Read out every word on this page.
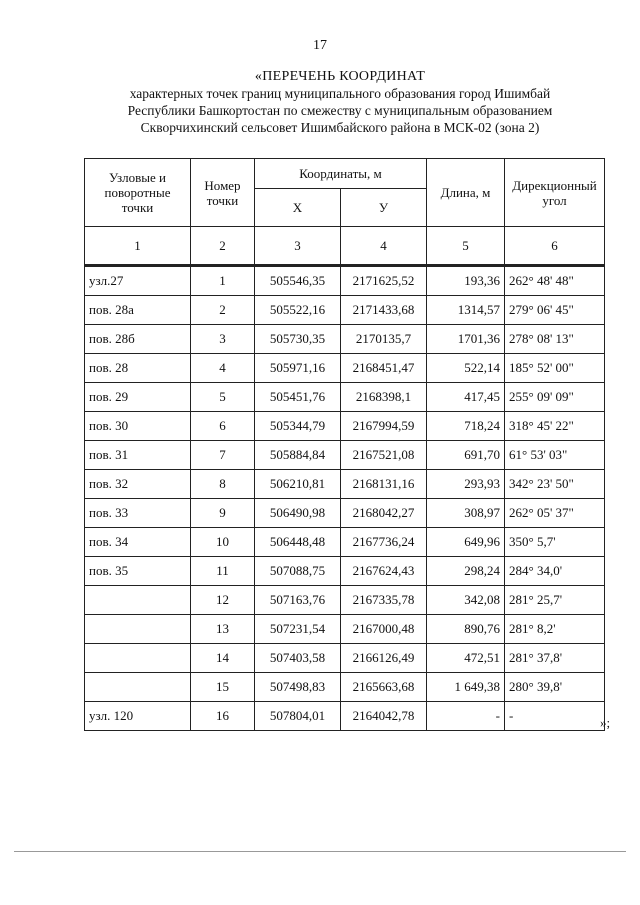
17
«ПЕРЕЧЕНЬ КООРДИНАТ
характерных точек границ муниципального образования город Ишимбай
Республики Башкортостан по смежеству с муниципальным образованием
Скворчихинский сельсовет Ишимбайского района в МСК-02 (зона 2)
Узловые и поворотные точки	Номер точки	Координаты, м		Длина, м	Дирекционный угол
		Х	У		
1	2	3	4	5	6

узл.27	1	505546,35	2171625,52	193,36	262° 48' 48"
пов. 28а	2	505522,16	2171433,68	1314,57	279° 06' 45"
пов. 28б	3	505730,35	2170135,7	1701,36	278° 08' 13"
пов. 28	4	505971,16	2168451,47	522,14	185° 52' 00"
пов. 29	5	505451,76	2168398,1	417,45	255° 09' 09"
пов. 30	6	505344,79	2167994,59	718,24	318° 45' 22"
пов. 31	7	505884,84	2167521,08	691,70	61° 53' 03"
пов. 32	8	506210,81	2168131,16	293,93	342° 23' 50"
пов. 33	9	506490,98	2168042,27	308,97	262° 05' 37"
пов. 34	10	506448,48	2167736,24	649,96	350° 5,7'
пов. 35	11	507088,75	2167624,43	298,24	284° 34,0'
	12	507163,76	2167335,78	342,08	281° 25,7'
	13	507231,54	2167000,48	890,76	281° 8,2'
	14	507403,58	2166126,49	472,51	281° 37,8'
	15	507498,83	2165663,68	1 649,38	280° 39,8'
узл. 120	16	507804,01	2164042,78	-	-	»;
